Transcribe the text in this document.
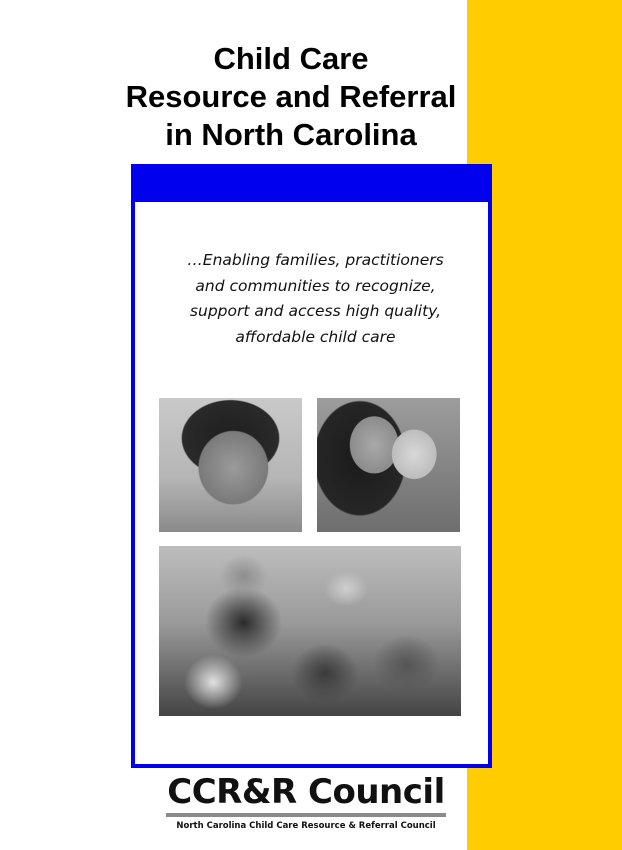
Child Care
Resource and Referral
in North Carolina
…Enabling families, practitioners
and communities to recognize,
support and access high quality,
affordable child care
CCR&R Council
North Carolina Child Care Resource & Referral Council
